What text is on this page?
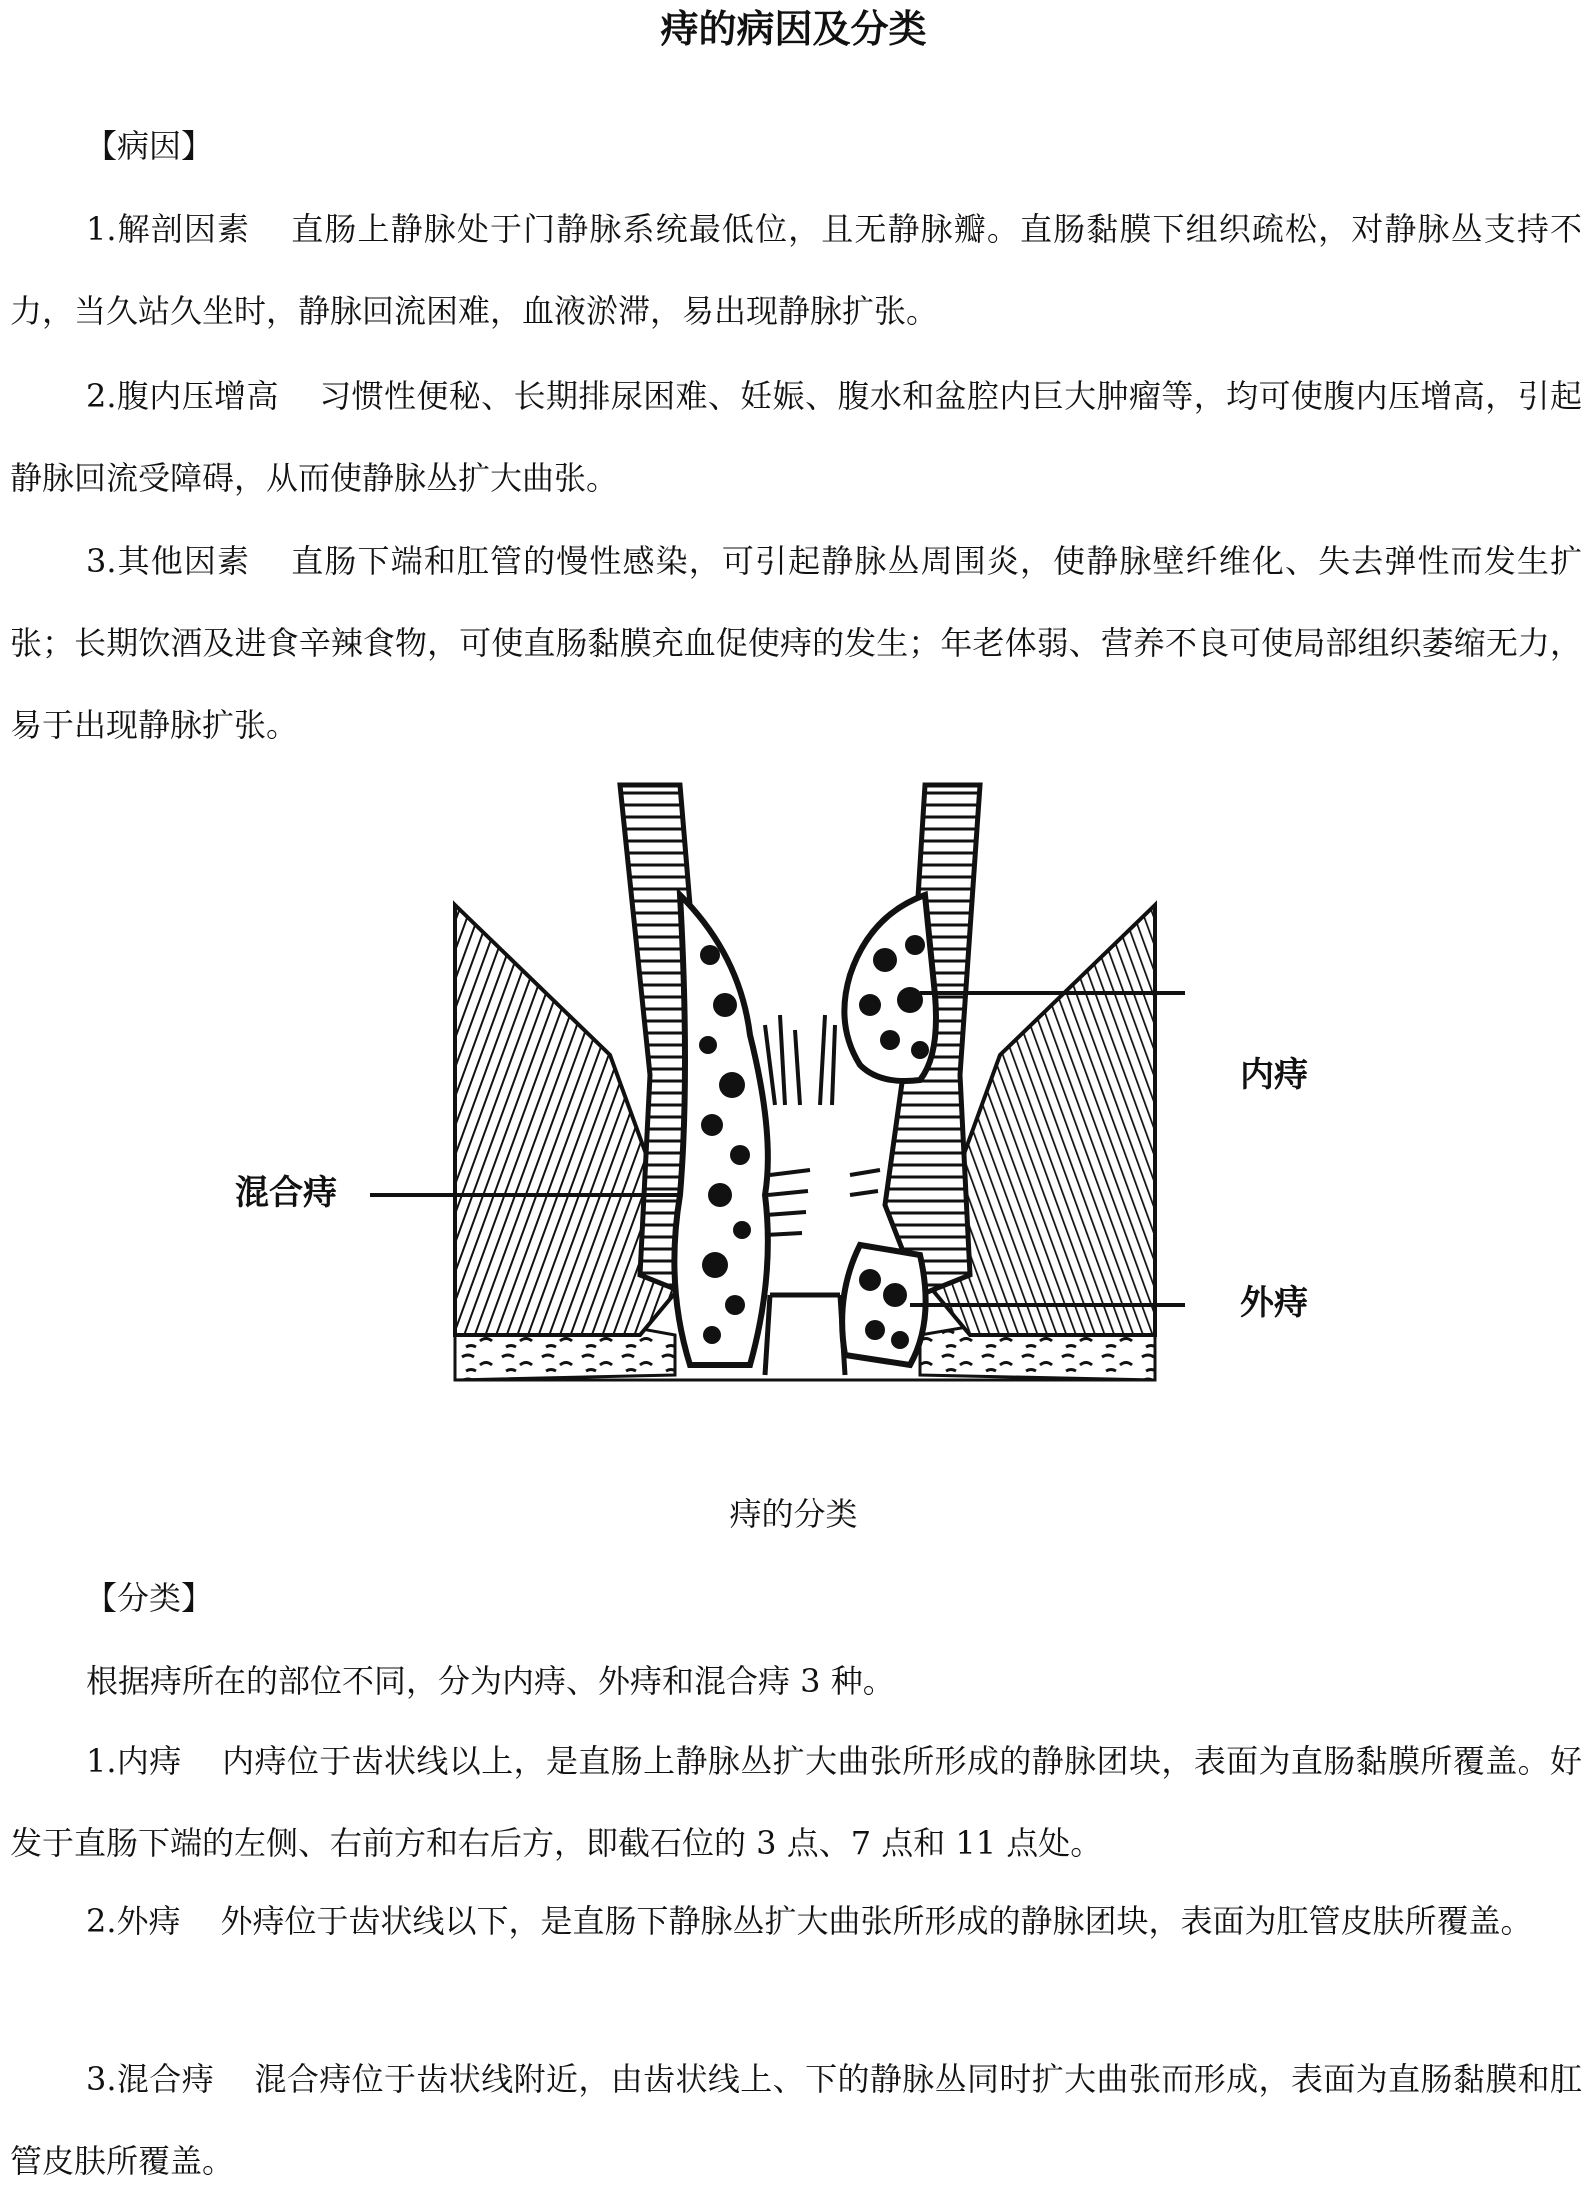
痔的病因及分类
【病因】

1.解剖因素 直肠上静脉处于门静脉系统最低位，且无静脉瓣。直肠黏膜下组织疏松，对静脉丛支持不力，当久站久坐时，静脉回流困难，血液淤滞，易出现静脉扩张。

2.腹内压增高 习惯性便秘、长期排尿困难、妊娠、腹水和盆腔内巨大肿瘤等，均可使腹内压增高，引起静脉回流受障碍，从而使静脉丛扩大曲张。

3.其他因素 直肠下端和肛管的慢性感染，可引起静脉丛周围炎，使静脉壁纤维化、失去弹性而发生扩张；长期饮酒及进食辛辣食物，可使直肠黏膜充血促使痔的发生；年老体弱、营养不良可使局部组织萎缩无力，易于出现静脉扩张。

内痔
混合痔
外痔
痔的分类
【分类】

根据痔所在的部位不同，分为内痔、外痔和混合痔 3 种。

1.内痔 内痔位于齿状线以上，是直肠上静脉丛扩大曲张所形成的静脉团块，表面为直肠黏膜所覆盖。好发于直肠下端的左侧、右前方和右后方，即截石位的 3 点、7 点和 11 点处。

2.外痔 外痔位于齿状线以下，是直肠下静脉丛扩大曲张所形成的静脉团块，表面为肛管皮肤所覆盖。

3.混合痔 混合痔位于齿状线附近，由齿状线上、下的静脉丛同时扩大曲张而形成，表面为直肠黏膜和肛管皮肤所覆盖。
